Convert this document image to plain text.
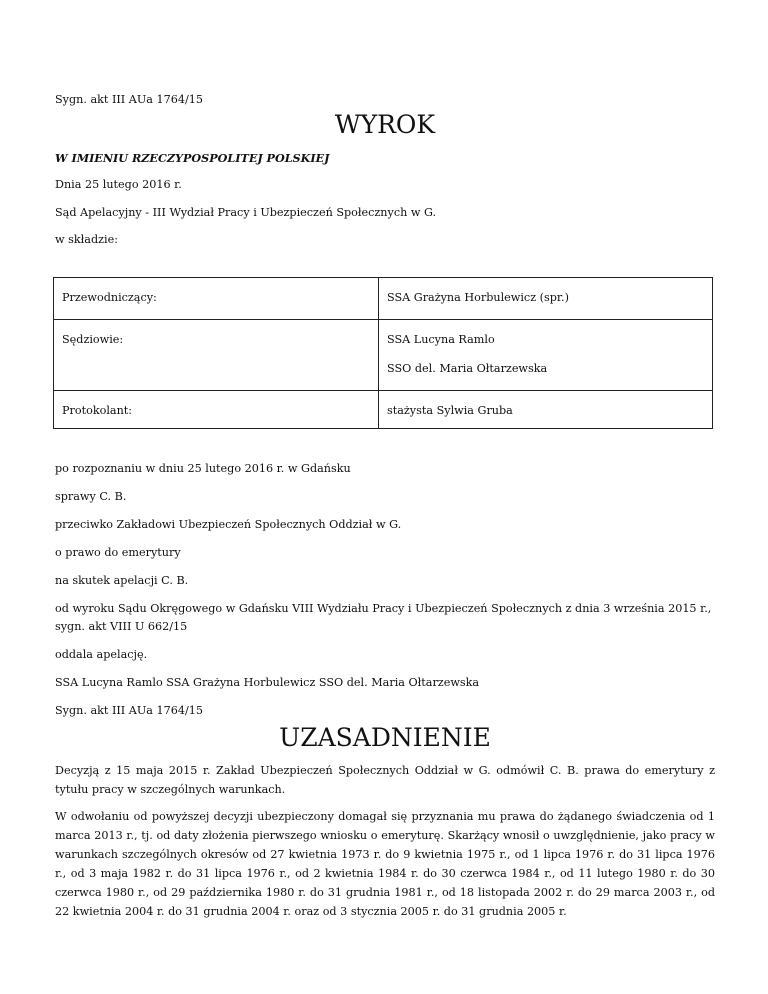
Sygn. akt III AUa 1764/15
WYROK
W IMIENIU RZECZYPOSPOLITEJ POLSKIEJ
Dnia 25 lutego 2016 r.
Sąd Apelacyjny - III Wydział Pracy i Ubezpieczeń Społecznych w G.
w składzie:
Przewodniczący:	SSA Grażyna Horbulewicz (spr.)
Sędziowie:	SSA Lucyna Ramlo
SSO del. Maria Ołtarzewska
Protokolant:	stażysta Sylwia Gruba
po rozpoznaniu w dniu 25 lutego 2016 r. w Gdańsku
sprawy C. B.
przeciwko Zakładowi Ubezpieczeń Społecznych Oddział w G.
o prawo do emerytury
na skutek apelacji C. B.
od wyroku Sądu Okręgowego w Gdańsku VIII Wydziału Pracy i Ubezpieczeń Społecznych z dnia 3 września 2015 r.,
sygn. akt VIII U 662/15
oddala apelację.
SSA Lucyna Ramlo SSA Grażyna Horbulewicz SSO del. Maria Ołtarzewska
Sygn. akt III AUa 1764/15
UZASADNIENIE
Decyzją z 15 maja 2015 r. Zakład Ubezpieczeń Społecznych Oddział w G. odmówił C. B. prawa do emerytury z tytułu pracy w szczególnych warunkach.
W odwołaniu od powyższej decyzji ubezpieczony domagał się przyznania mu prawa do żądanego świadczenia od 1 marca 2013 r., tj. od daty złożenia pierwszego wniosku o emeryturę. Skarżący wnosił o uwzględnienie, jako pracy w warunkach szczególnych okresów od 27 kwietnia 1973 r. do 9 kwietnia 1975 r., od 1 lipca 1976 r. do 31 lipca 1976 r., od 3 maja 1982 r. do 31 lipca 1976 r., od 2 kwietnia 1984 r. do 30 czerwca 1984 r., od 11 lutego 1980 r. do 30 czerwca 1980 r., od 29 października 1980 r. do 31 grudnia 1981 r., od 18 listopada 2002 r. do 29 marca 2003 r., od 22 kwietnia 2004 r. do 31 grudnia 2004 r. oraz od 3 stycznia 2005 r. do 31 grudnia 2005 r.
